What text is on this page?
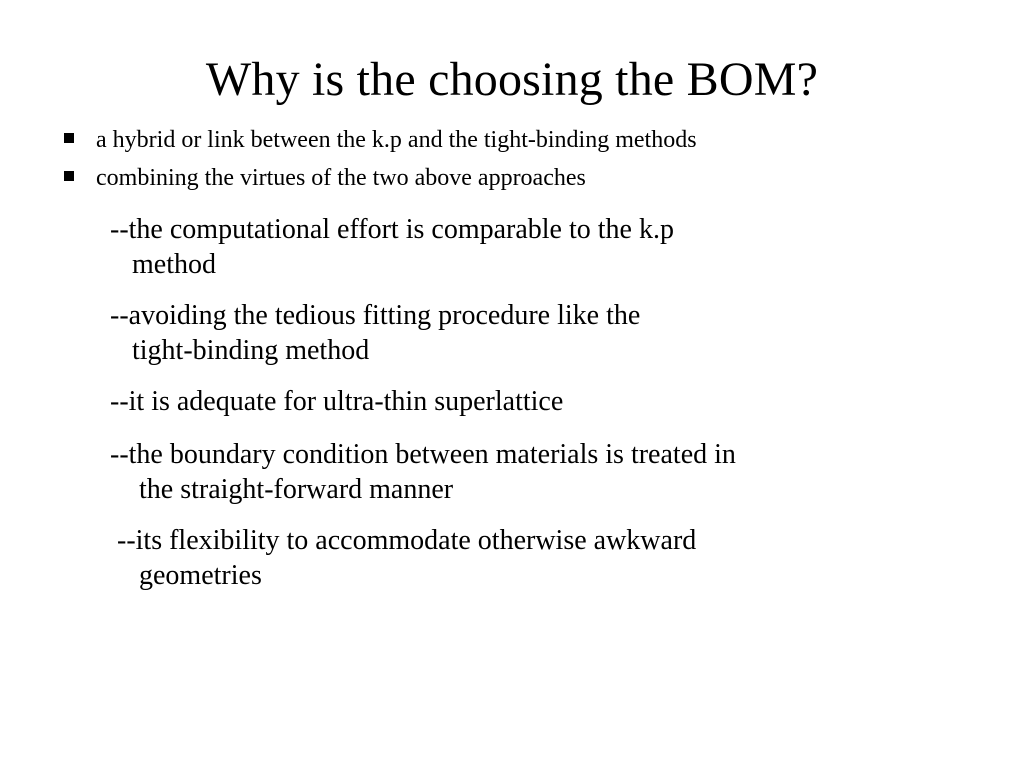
Why is the choosing the BOM?
a hybrid or link between the k.p and the tight-binding methods
combining the virtues of the two above approaches
--the computational effort is comparable to the k.p
method
--avoiding the tedious fitting procedure like the
tight-binding method
--it is adequate for ultra-thin superlattice
--the boundary condition between materials is treated in
the straight-forward manner
--its flexibility to accommodate otherwise awkward
geometries
